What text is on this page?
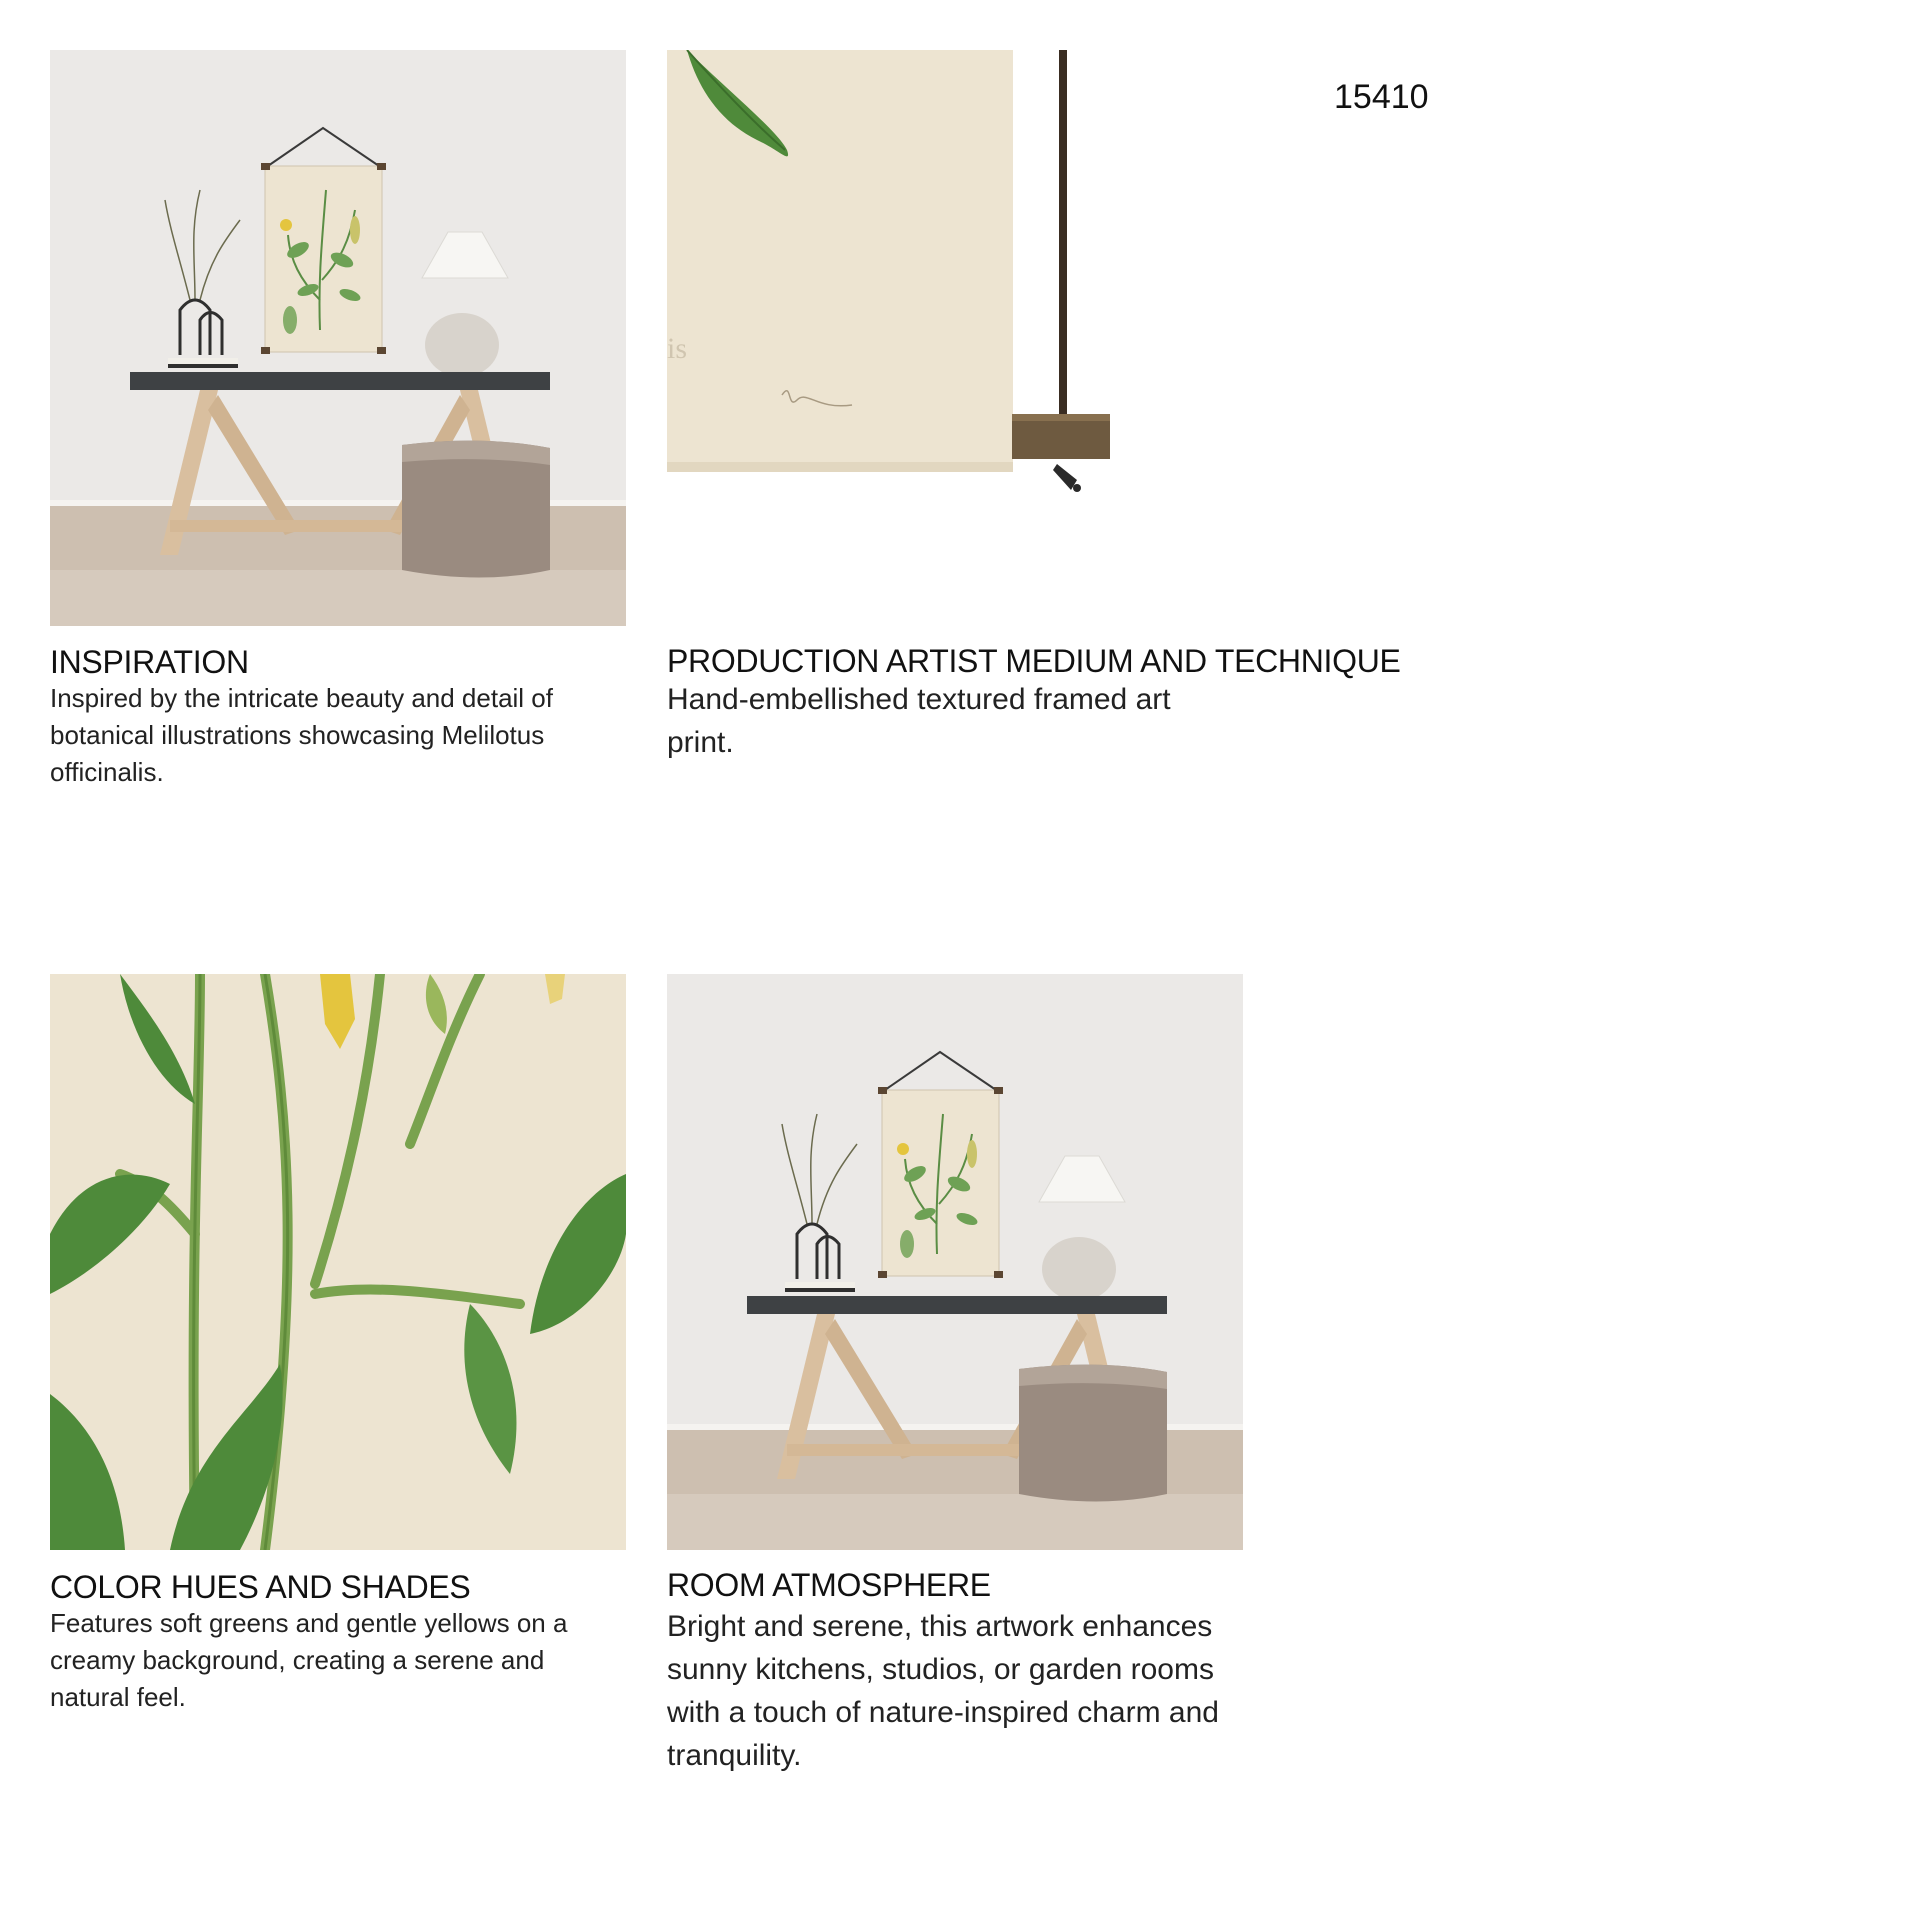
15410
INSPIRATION
Inspired by the intricate beauty and detail of botanical illustrations showcasing Melilotus officinalis.
is
PRODUCTION ARTIST MEDIUM AND TECHNIQUE
Hand-embellished textured framed art print.
COLOR HUES AND SHADES
Features soft greens and gentle yellows on a creamy background, creating a serene and natural feel.
ROOM ATMOSPHERE
Bright and serene, this artwork enhances sunny kitchens, studios, or garden rooms with a touch of nature-inspired charm and tranquility.
